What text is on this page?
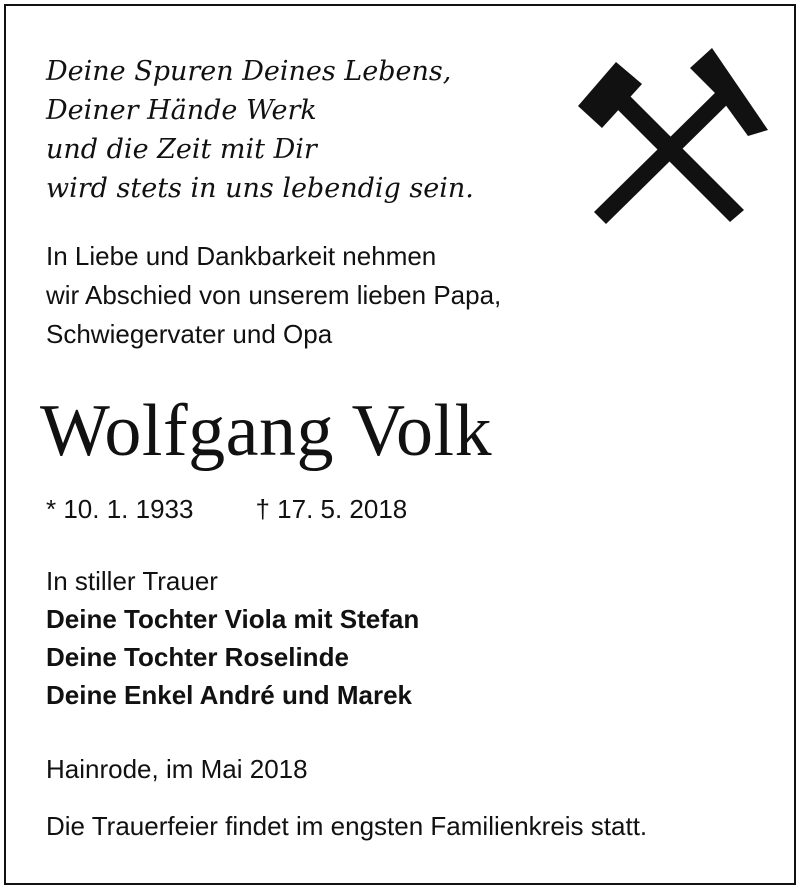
Deine Spuren Deines Lebens,
Deiner Hände Werk
und die Zeit mit Dir
wird stets in uns lebendig sein.
In Liebe und Dankbarkeit nehmen
wir Abschied von unserem lieben Papa,
Schwiegervater und Opa
Wolfgang Volk
* 10. 1. 1933 † 17. 5. 2018
In stiller Trauer
Deine Tochter Viola mit Stefan
Deine Tochter Roselinde
Deine Enkel André und Marek
Hainrode, im Mai 2018
Die Trauerfeier findet im engsten Familienkreis statt.
